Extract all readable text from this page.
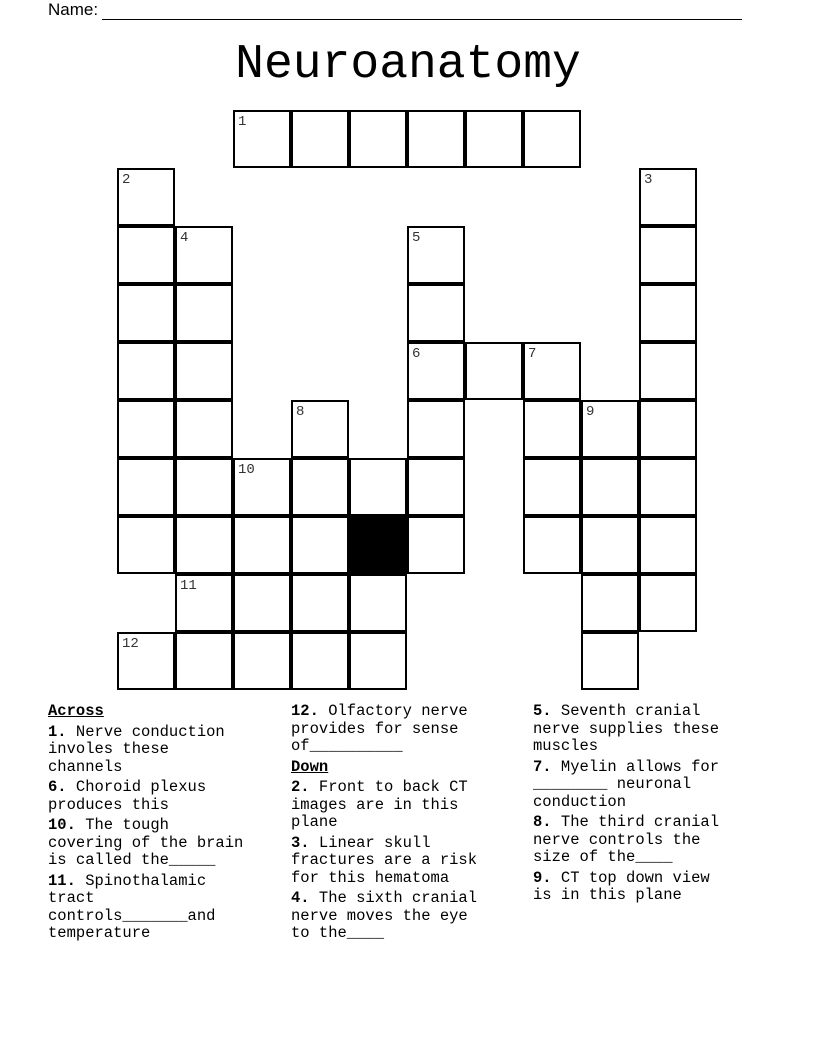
Name:
Neuroanatomy
1
2	3
4	5
6	7
8	9
10
11
12
Across
1. Nerve conduction
involes these
channels
6. Choroid plexus
produces this
10. The tough
covering of the brain
is called the_____
11. Spinothalamic
tract
controls_______and
temperature
12. Olfactory nerve
provides for sense
of__________
Down
2. Front to back CT
images are in this
plane
3. Linear skull
fractures are a risk
for this hematoma
4. The sixth cranial
nerve moves the eye
to the____
5. Seventh cranial
nerve supplies these
muscles
7. Myelin allows for
________ neuronal
conduction
8. The third cranial
nerve controls the
size of the____
9. CT top down view
is in this plane
